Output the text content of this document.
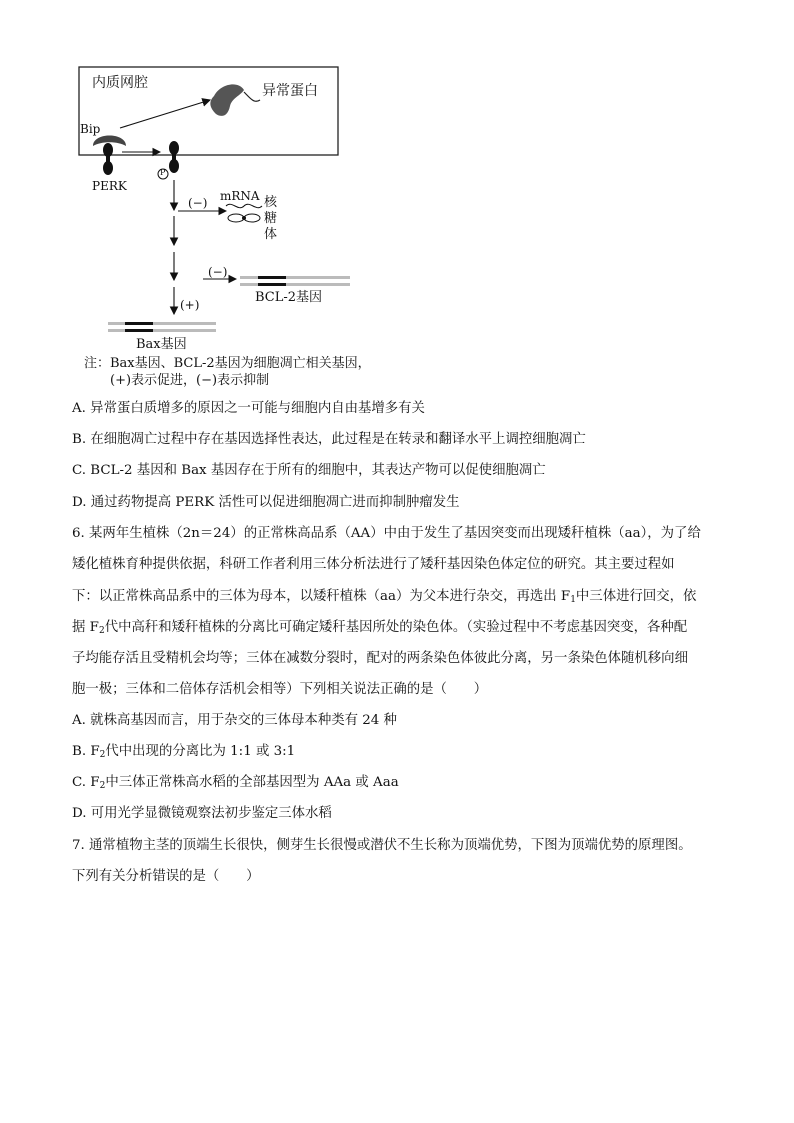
内质网腔	异常蛋白
Bip
PERK
P
(−) mRNA 核
糖
体
(−)
BCL-2基因
(+)
Bax基因
注：Bax基因、BCL-2基因为细胞凋亡相关基因，
(+)表示促进，(−)表示抑制
A. 异常蛋白质增多的原因之一可能与细胞内自由基增多有关
B. 在细胞凋亡过程中存在基因选择性表达，此过程是在转录和翻译水平上调控细胞凋亡
C. BCL-2 基因和 Bax 基因存在于所有的细胞中，其表达产物可以促使细胞凋亡
D. 通过药物提高 PERK 活性可以促进细胞凋亡进而抑制肿瘤发生
6. 某两年生植株（2n＝24）的正常株高品系（AA）中由于发生了基因突变而出现矮秆植株（aa），为了给
矮化植株育种提供依据，科研工作者利用三体分析法进行了矮秆基因染色体定位的研究。其主要过程如
下：以正常株高品系中的三体为母本，以矮秆植株（aa）为父本进行杂交，再选出 $F_1$中三体进行回交，依
据 $F_2$代中高秆和矮秆植株的分离比可确定矮秆基因所处的染色体。（实验过程中不考虑基因突变，各种配
子均能存活且受精机会均等；三体在减数分裂时，配对的两条染色体彼此分离，另一条染色体随机移向细
胞一极；三体和二倍体存活机会相等）下列相关说法正确的是（　　）
A. 就株高基因而言，用于杂交的三体母本种类有 24 种
B. $F_2$代中出现的分离比为 1:1 或 3:1
C. $F_2$中三体正常株高水稻的全部基因型为 AAa 或 Aaa
D. 可用光学显微镜观察法初步鉴定三体水稻
7. 通常植物主茎的顶端生长很快，侧芽生长很慢或潜伏不生长称为顶端优势，下图为顶端优势的原理图。
下列有关分析错误的是（　　）
